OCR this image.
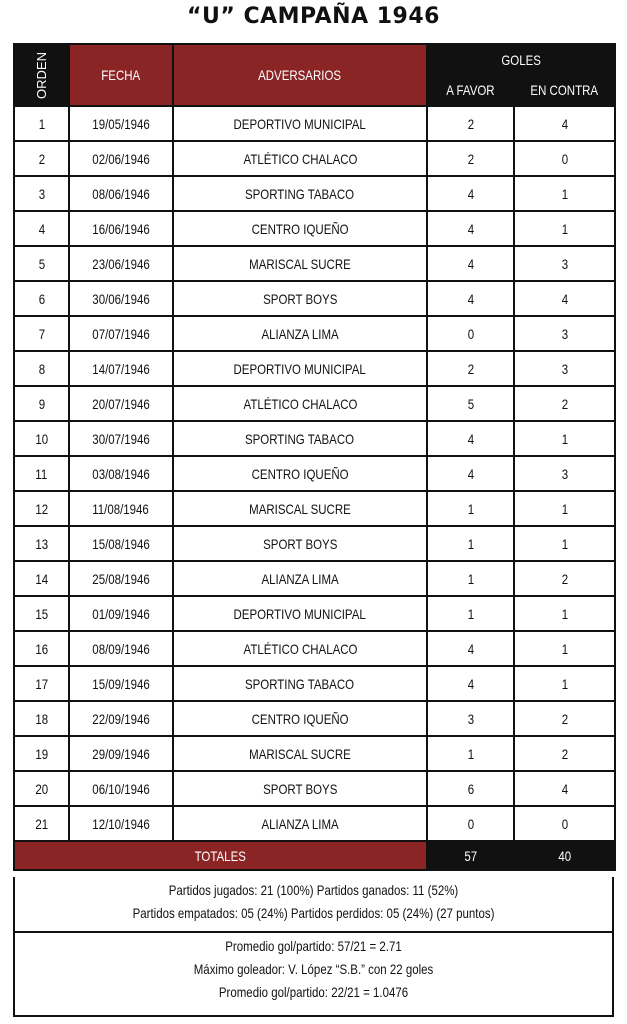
“U” CAMPAÑA 1946
ORDEN	FECHA	ADVERSARIOS	GOLES	
			A FAVOR	EN CONTRA
1	19/05/1946	DEPORTIVO MUNICIPAL	2	4
2	02/06/1946	ATLÉTICO CHALACO	2	0
3	08/06/1946	SPORTING TABACO	4	1
4	16/06/1946	CENTRO IQUEÑO	4	1
5	23/06/1946	MARISCAL SUCRE	4	3
6	30/06/1946	SPORT BOYS	4	4
7	07/07/1946	ALIANZA LIMA	0	3
8	14/07/1946	DEPORTIVO MUNICIPAL	2	3
9	20/07/1946	ATLÉTICO CHALACO	5	2
10	30/07/1946	SPORTING TABACO	4	1
11	03/08/1946	CENTRO IQUEÑO	4	3
12	11/08/1946	MARISCAL SUCRE	1	1
13	15/08/1946	SPORT BOYS	1	1
14	25/08/1946	ALIANZA LIMA	1	2
15	01/09/1946	DEPORTIVO MUNICIPAL	1	1
16	08/09/1946	ATLÉTICO CHALACO	4	1
17	15/09/1946	SPORTING TABACO	4	1
18	22/09/1946	CENTRO IQUEÑO	3	2
19	29/09/1946	MARISCAL SUCRE	1	2
20	06/10/1946	SPORT BOYS	6	4
21	12/10/1946	ALIANZA LIMA	0	0
TOTALES			57	40
Partidos jugados: 21 (100%) Partidos ganados: 11 (52%)
Partidos empatados: 05 (24%) Partidos perdidos: 05 (24%) (27 puntos)
Promedio gol/partido: 57/21 = 2.71
Máximo goleador: V. López “S.B.” con 22 goles
Promedio gol/partido: 22/21 = 1.0476
